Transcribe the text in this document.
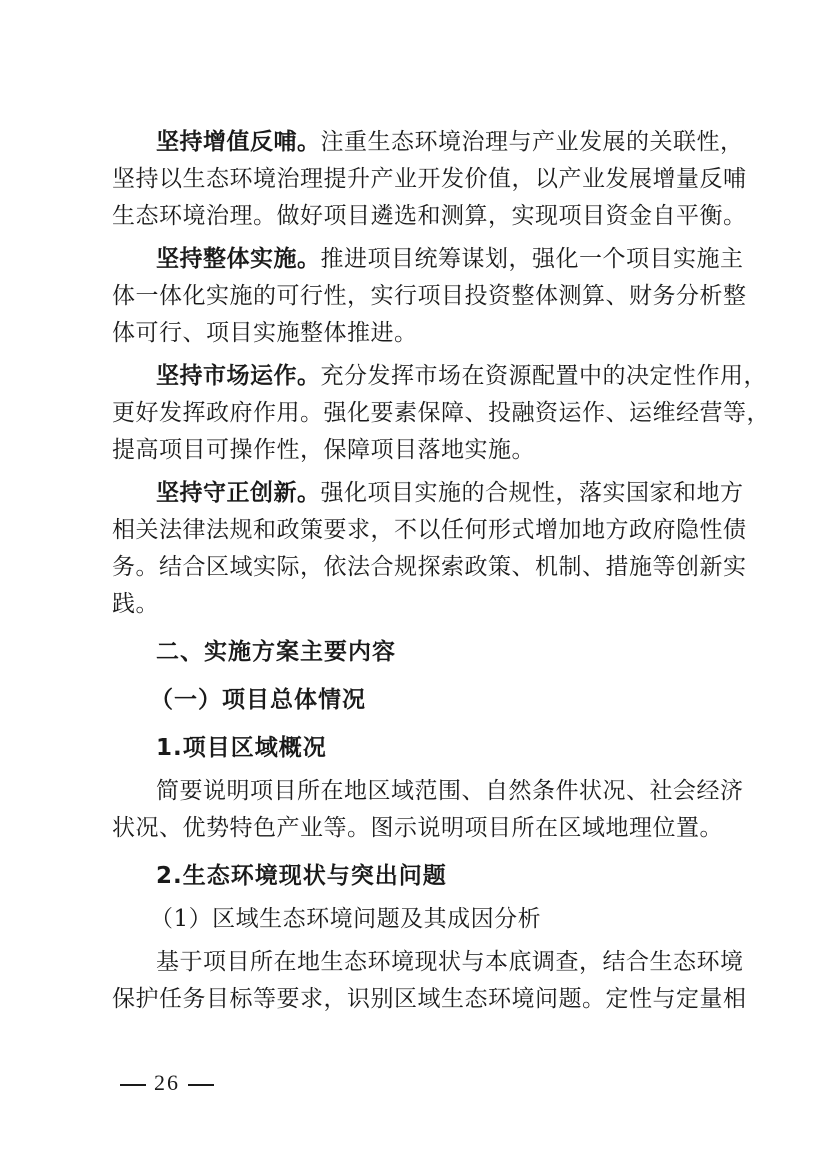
坚持增值反哺。注重生态环境治理与产业发展的关联性，
坚持以生态环境治理提升产业开发价值，以产业发展增量反哺
生态环境治理。做好项目遴选和测算，实现项目资金自平衡。
坚持整体实施。推进项目统筹谋划，强化一个项目实施主
体一体化实施的可行性，实行项目投资整体测算、财务分析整
体可行、项目实施整体推进。
坚持市场运作。充分发挥市场在资源配置中的决定性作用，
更好发挥政府作用。强化要素保障、投融资运作、运维经营等，
提高项目可操作性，保障项目落地实施。
坚持守正创新。强化项目实施的合规性，落实国家和地方
相关法律法规和政策要求，不以任何形式增加地方政府隐性债
务。结合区域实际，依法合规探索政策、机制、措施等创新实
践。
二、实施方案主要内容
（一）项目总体情况
1.项目区域概况
简要说明项目所在地区域范围、自然条件状况、社会经济
状况、优势特色产业等。图示说明项目所在区域地理位置。
2.生态环境现状与突出问题
（1）区域生态环境问题及其成因分析
基于项目所在地生态环境现状与本底调查，结合生态环境
保护任务目标等要求，识别区域生态环境问题。定性与定量相
26
